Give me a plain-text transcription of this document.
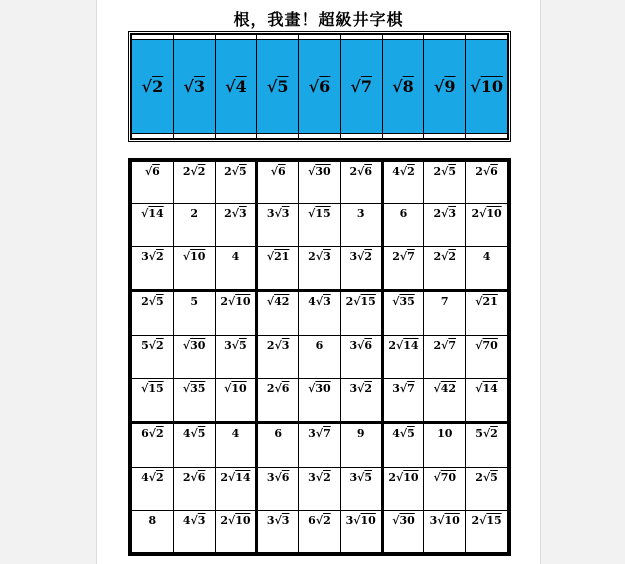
根，我畫！超級井字棋

√2	√3	√4	√5	√6	√7	√8	√9	√10

√6	2√2	2√5	√6	√30	2√6	4√2	2√5	2√6
√14	2	2√3	3√3	√15	3	6	2√3	2√10
3√2	√10	4	√21	2√3	3√2	2√7	2√2	4
2√5	5	2√10	√42	4√3	2√15	√35	7	√21
5√2	√30	3√5	2√3	6	3√6	2√14	2√7	√70
√15	√35	√10	2√6	√30	3√2	3√7	√42	√14
6√2	4√5	4	6	3√7	9	4√5	10	5√2
4√2	2√6	2√14	3√6	3√2	3√5	2√10	√70	2√5
8	4√3	2√10	3√3	6√2	3√10	√30	3√10	2√15
